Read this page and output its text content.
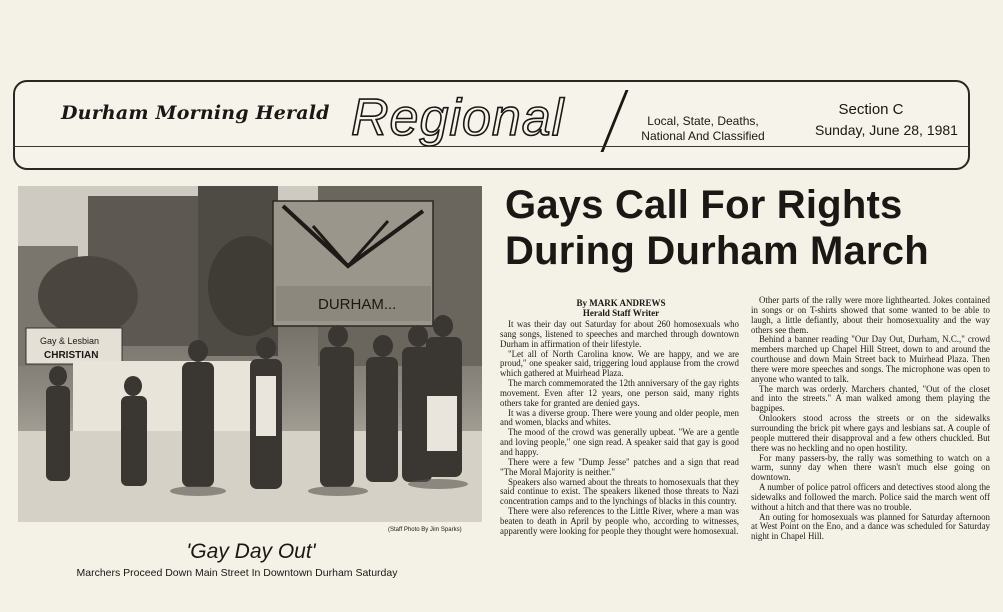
Durham Morning Herald Regional	Local, State, Deaths,
National And Classified
Section C
Sunday, June 28, 1981
DURHAM...
Gay & Lesbian
CHRISTIAN
(Staff Photo By Jim Sparks)
'Gay Day Out'
Marchers Proceed Down Main Street In Downtown Durham Saturday
Gays Call For Rights
During Durham March
By MARK ANDREWS
Herald Staff Writer

It was their day out Saturday for about 260 homosexuals who sang songs, listened to speeches and marched through downtown Durham in affirmation of their lifestyle.

"Let all of North Carolina know. We are happy, and we are proud," one speaker said, triggering loud applause from the crowd which gathered at Muirhead Plaza.

The march commemorated the 12th anniversary of the gay rights movement. Even after 12 years, one person said, many rights others take for granted are denied gays.

It was a diverse group. There were young and older people, men and women, blacks and whites.

The mood of the crowd was generally upbeat. "We are a gentle and loving people," one sign read. A speaker said that gay is good and happy.

There were a few "Dump Jesse" patches and a sign that read "The Moral Majority is neither."

Speakers also warned about the threats to homosexuals that they said continue to exist. The speakers likened those threats to Nazi concentration camps and to the lynchings of blacks in this country.

There were also references to the Little River, where a man was beaten to death in April by people who, according to witnesses, apparently were looking for people they thought were homosexual.

Other parts of the rally were more lighthearted. Jokes contained in songs or on T-shirts showed that some wanted to be able to laugh, a little defiantly, about their homosexuality and the way others see them.

Behind a banner reading "Our Day Out, Durham, N.C.," crowd members marched up Chapel Hill Street, down to and around the courthouse and down Main Street back to Muirhead Plaza. Then there were more speeches and songs. The microphone was open to anyone who wanted to talk.

The march was orderly. Marchers chanted, "Out of the closet and into the streets." A man walked among them playing the bagpipes.

Onlookers stood across the streets or on the sidewalks surrounding the brick pit where gays and lesbians sat. A couple of people muttered their disapproval and a few others chuckled. But there was no heckling and no open hostility.

For many passers-by, the rally was something to watch on a warm, sunny day when there wasn't much else going on downtown.

A number of police patrol officers and detectives stood along the sidewalks and followed the march. Police said the march went off without a hitch and that there was no trouble.

An outing for homosexuals was planned for Saturday afternoon at West Point on the Eno, and a dance was scheduled for Saturday night in Chapel Hill.
